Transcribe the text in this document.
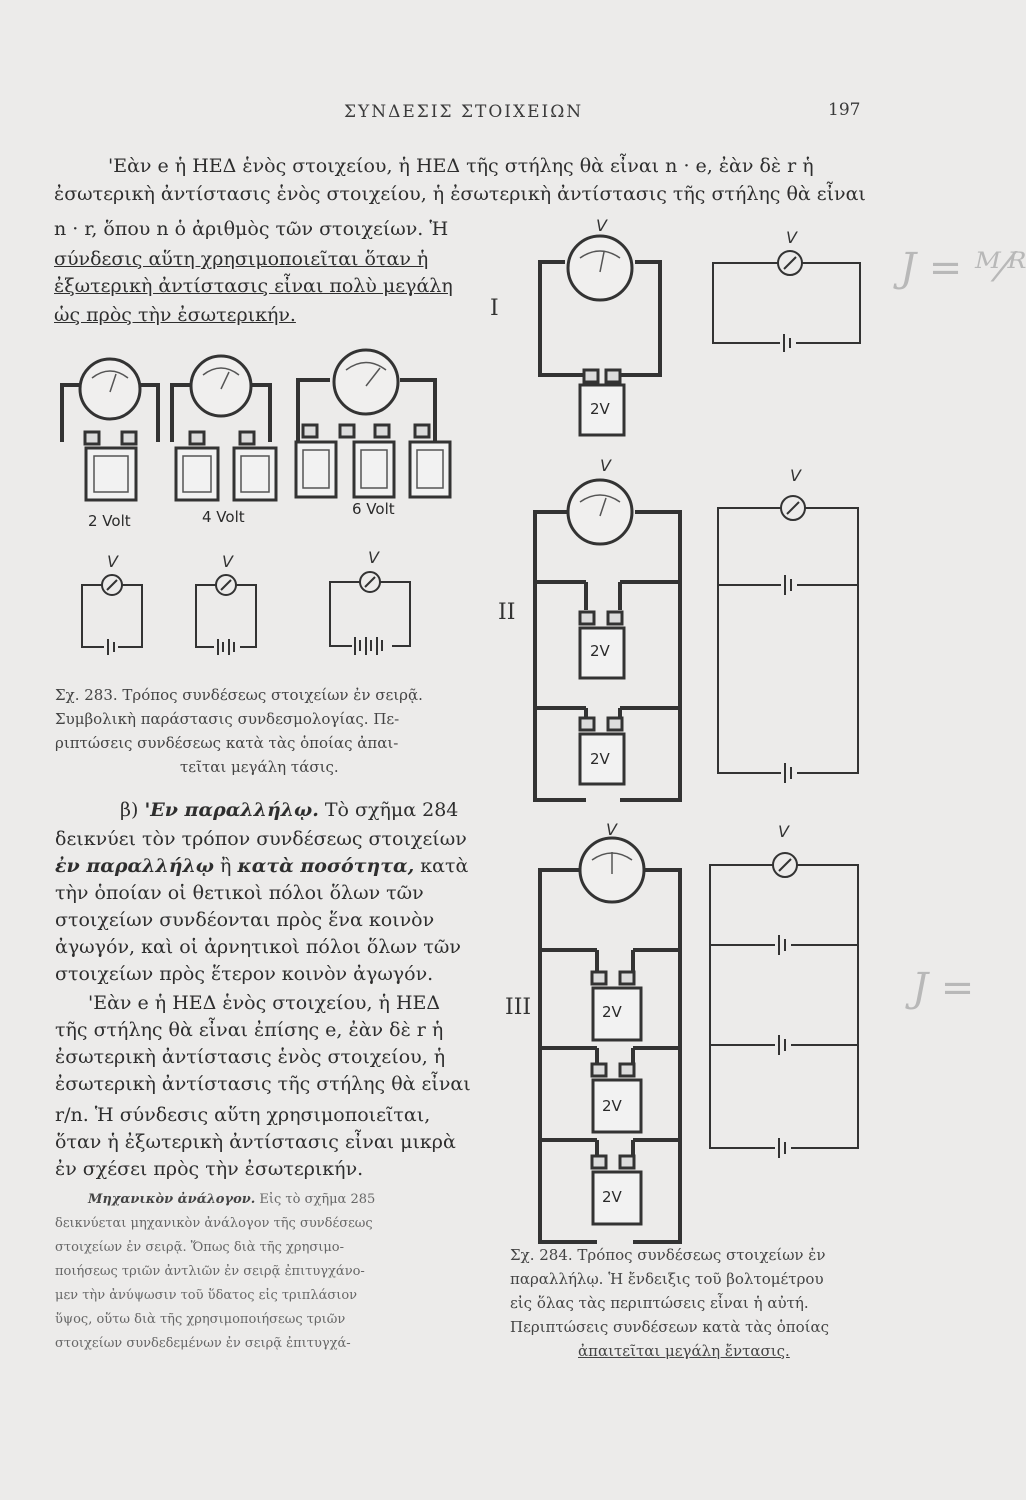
ΣΥΝΔΕΣΙΣ ΣΤΟΙΧΕΙΩΝ	197
'Εὰν e ἡ ΗΕΔ ἑνὸς στοιχείου, ἡ ΗΕΔ τῆς στήλης θὰ εἶναι n · e, ἐὰν δὲ r ἡ
ἐσωτερικὴ ἀντίστασις ἑνὸς στοιχείου, ἡ ἐσωτερικὴ ἀντίστασις τῆς στήλης θὰ εἶναι
n · r, ὅπου n ὁ ἀριθμὸς τῶν στοιχείων. Ἡ
σύνδεσις αὕτη χρησιμοποιεῖται ὅταν ἡ
ἐξωτερικὴ ἀντίστασις εἶναι πολὺ μεγάλη
ὡς πρὸς τὴν ἐσωτερικήν.
2 Volt	4 Volt	6 Volt
V	V	V
Σχ. 283. Τρόπος συνδέσεως στοιχείων ἐν σειρᾷ.
Συμβολικὴ παράστασις συνδεσμολογίας. Πε-
ριπτώσεις συνδέσεως κατὰ τὰς ὁποίας ἀπαι-
τεῖται μεγάλη τάσις.
I
II
III
V
V
V
V
V	V
2V
2V
2V
2V
2V
2V
β) 'Εν παραλλήλῳ. Τὸ σχῆμα 284
δεικνύει τὸν τρόπον συνδέσεως στοιχείων
ἐν παραλλήλῳ ἢ κατὰ ποσότητα, κατὰ
τὴν ὁποίαν οἱ θετικοὶ πόλοι ὅλων τῶν
στοιχείων συνδέονται πρὸς ἕνα κοινὸν
ἀγωγόν, καὶ οἱ ἀρνητικοὶ πόλοι ὅλων τῶν
στοιχείων πρὸς ἕτερον κοινὸν ἀγωγόν.
'Εὰν e ἡ ΗΕΔ ἑνὸς στοιχείου, ἡ ΗΕΔ
τῆς στήλης θὰ εἶναι ἐπίσης e, ἐὰν δὲ r ἡ
ἐσωτερικὴ ἀντίστασις ἑνὸς στοιχείου, ἡ
ἐσωτερικὴ ἀντίστασις τῆς στήλης θὰ εἶναι
r/n. Ἡ σύνδεσις αὕτη χρησιμοποιεῖται,
ὅταν ἡ ἐξωτερικὴ ἀντίστασις εἶναι μικρὰ
ἐν σχέσει πρὸς τὴν ἐσωτερικήν.
Μηχανικὸν ἀνάλογον. Εἰς τὸ σχῆμα 285
δεικνύεται μηχανικὸν ἀνάλογον τῆς συνδέσεως
στοιχείων ἐν σειρᾷ. Ὅπως διὰ τῆς χρησιμο-
ποιήσεως τριῶν ἀντλιῶν ἐν σειρᾷ ἐπιτυγχάνο-
μεν τὴν ἀνύψωσιν τοῦ ὕδατος εἰς τριπλάσιον
ὕψος, οὕτω διὰ τῆς χρησιμοποιήσεως τριῶν
στοιχείων συνδεδεμένων ἐν σειρᾷ ἐπιτυγχά-
Σχ. 284. Τρόπος συνδέσεως στοιχείων ἐν
παραλλήλῳ. Ἡ ἔνδειξις τοῦ βολτομέτρου
εἰς ὅλας τὰς περιπτώσεις εἶναι ἡ αὐτή.
Περιπτώσεις συνδέσεων κατὰ τὰς ὁποίας
ἀπαιτεῖται μεγάλη ἔντασις.
J = ᴹ⁄ᴿ
J =
